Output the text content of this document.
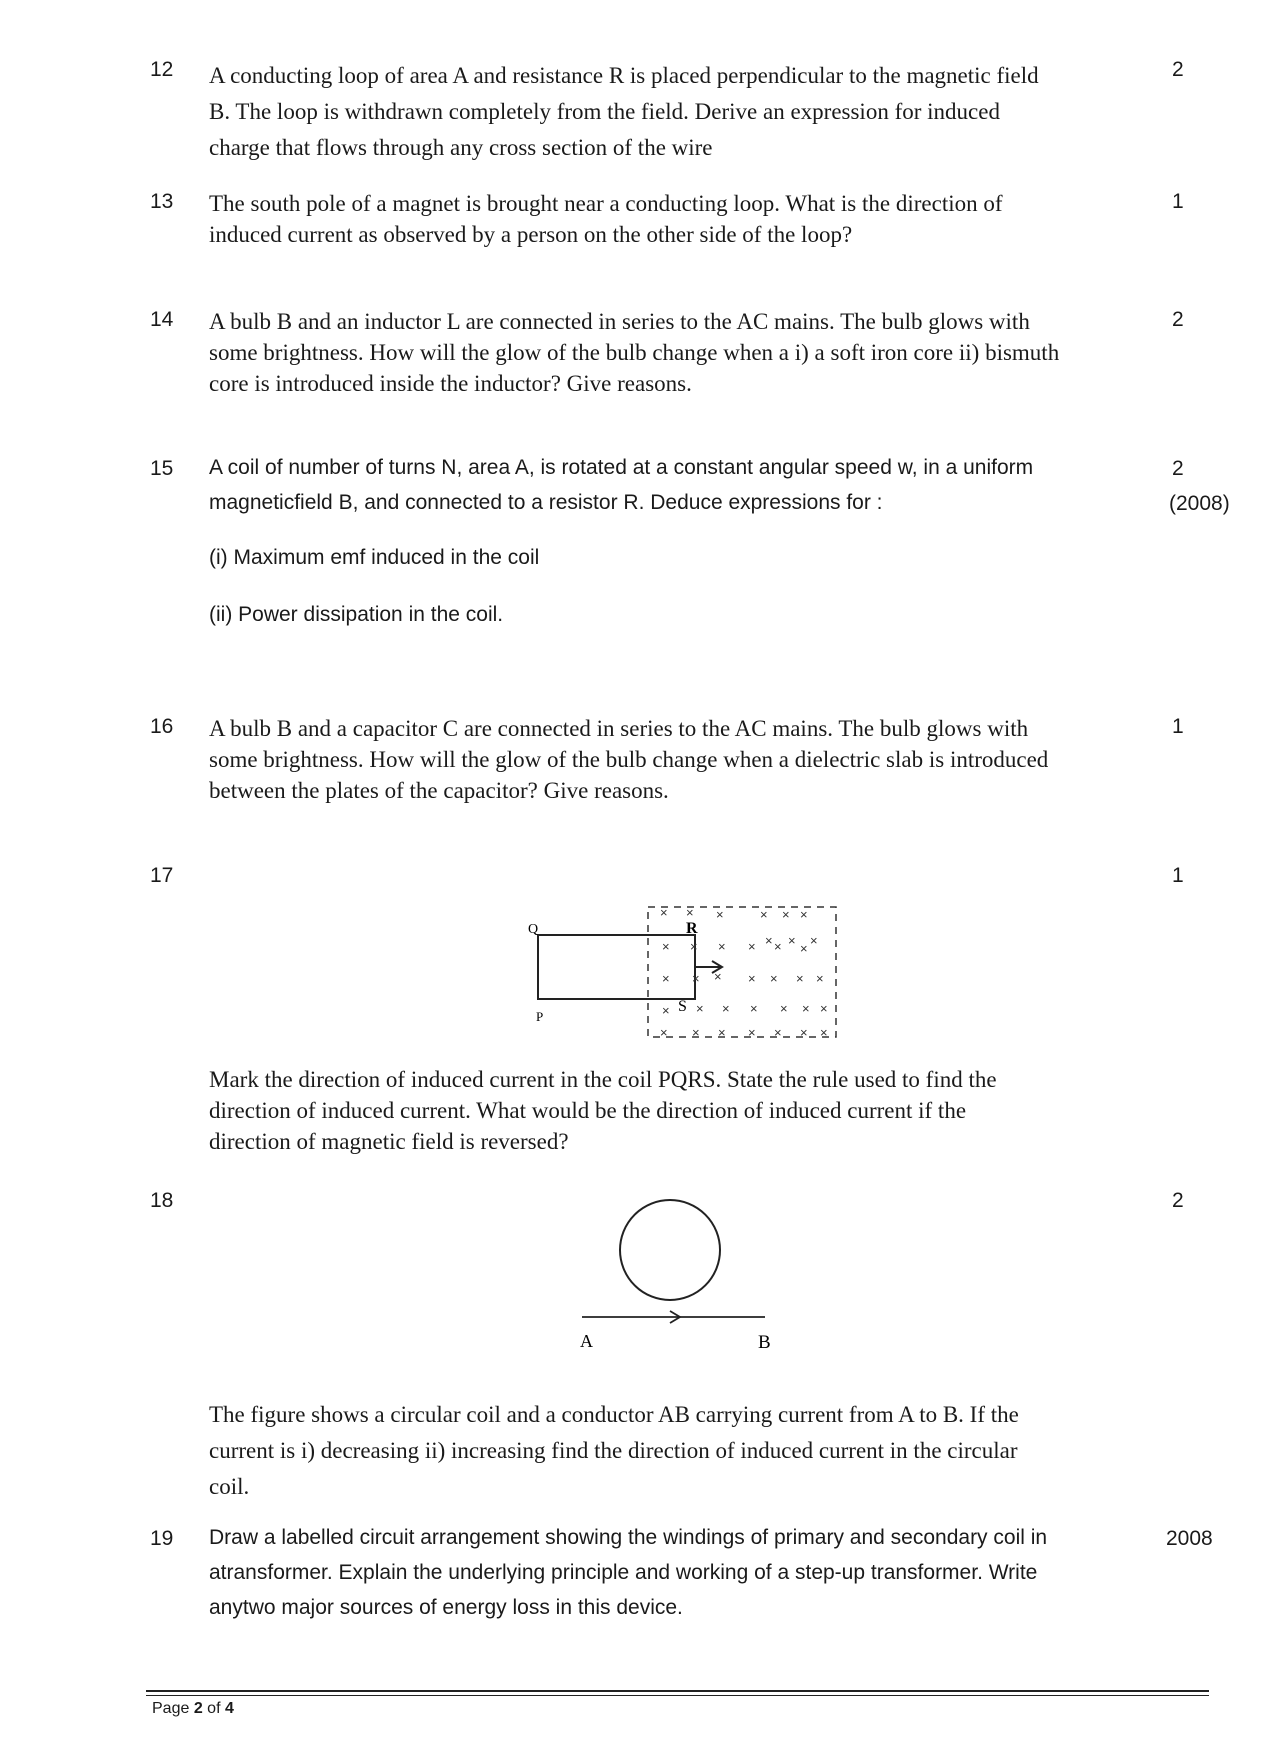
12	2
A conducting loop of area A and resistance R is placed perpendicular to the magnetic field
B. The loop is withdrawn completely from the field. Derive an expression for induced
charge that flows through any cross section of the wire
13	1
The south pole of a magnet is brought near a conducting loop. What is the direction of
induced current as observed by a person on the other side of the loop?
14	2
A bulb B and an inductor L are connected in series to the AC mains. The bulb glows with
some brightness. How will the glow of the bulb change when a i) a soft iron core ii) bismuth
core is introduced inside the inductor? Give reasons.
15	2
(2008)
A coil of number of turns N, area A, is rotated at a constant angular speed w, in a uniform
magneticfield B, and connected to a resistor R. Deduce expressions for :
(i) Maximum emf induced in the coil
(ii) Power dissipation in the coil.
16	1
A bulb B and a capacitor C are connected in series to the AC mains. The bulb glows with
some brightness. How will the glow of the bulb change when a dielectric slab is introduced
between the plates of the capacitor? Give reasons.
17	1
Q	R
P
S
× × ×	× × ×
× × ×
× × × × × ×
× × × × × × ×
× × × × × × ×
× × × × × × ×
Mark the direction of induced current in the coil PQRS. State the rule used to find the
direction of induced current. What would be the direction of induced current if the
direction of magnetic field is reversed?
18	2
A	B
The figure shows a circular coil and a conductor AB carrying current from A to B. If the
current is i) decreasing ii) increasing find the direction of induced current in the circular
coil.
19	2008
Draw a labelled circuit arrangement showing the windings of primary and secondary coil in
atransformer. Explain the underlying principle and working of a step-up transformer. Write
anytwo major sources of energy loss in this device.
Page 2 of 4
